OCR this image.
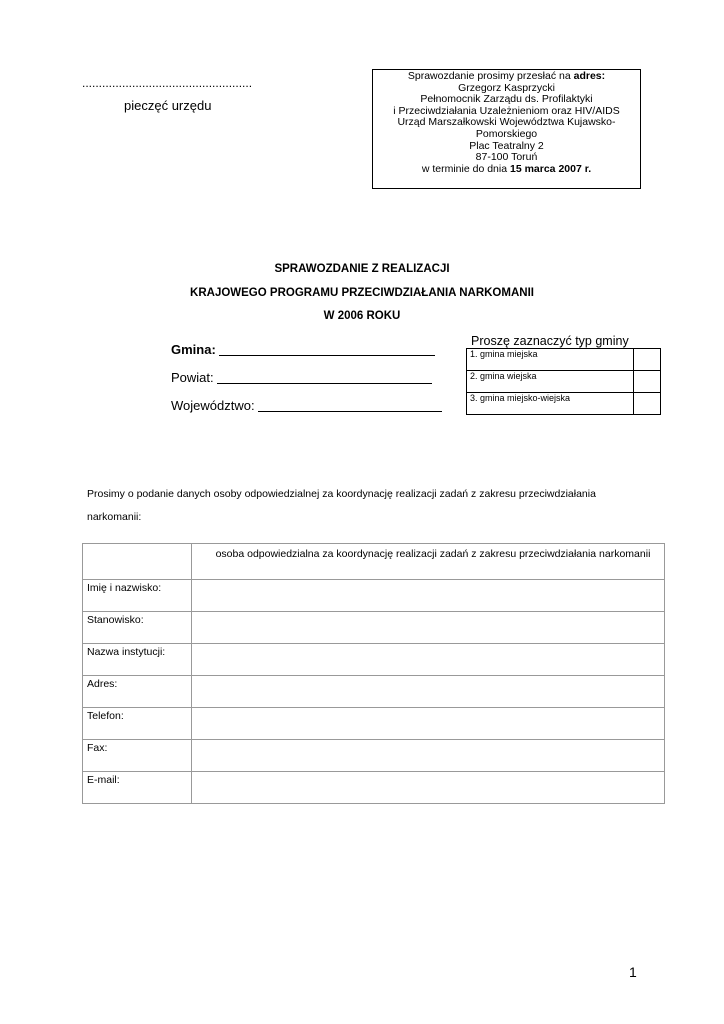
...................................................
pieczęć urzędu
Sprawozdanie prosimy przesłać na adres:
Grzegorz Kasprzycki
Pełnomocnik Zarządu ds. Profilaktyki
i Przeciwdziałania Uzależnieniom oraz HIV/AIDS
Urząd Marszałkowski Województwa Kujawsko-
Pomorskiego
Plac Teatralny 2
87-100 Toruń
w terminie do dnia 15 marca 2007 r.
SPRAWOZDANIE Z REALIZACJI
KRAJOWEGO PROGRAMU PRZECIWDZIAŁANIA NARKOMANII
W 2006 ROKU
Gmina:
Powiat:
Województwo:
Proszę zaznaczyć typ gminy
1. gmina miejska	
2. gmina wiejska	
3. gmina miejsko-wiejska	
Prosimy o podanie danych osoby odpowiedzialnej za koordynację realizacji zadań z zakresu przeciwdziałania
narkomanii:
	osoba odpowiedzialna za koordynację realizacji zadań z zakresu przeciwdziałania narkomanii
Imię i nazwisko:	
Stanowisko:	
Nazwa instytucji:	
Adres:	
Telefon:	
Fax:	
E-mail:	
1
